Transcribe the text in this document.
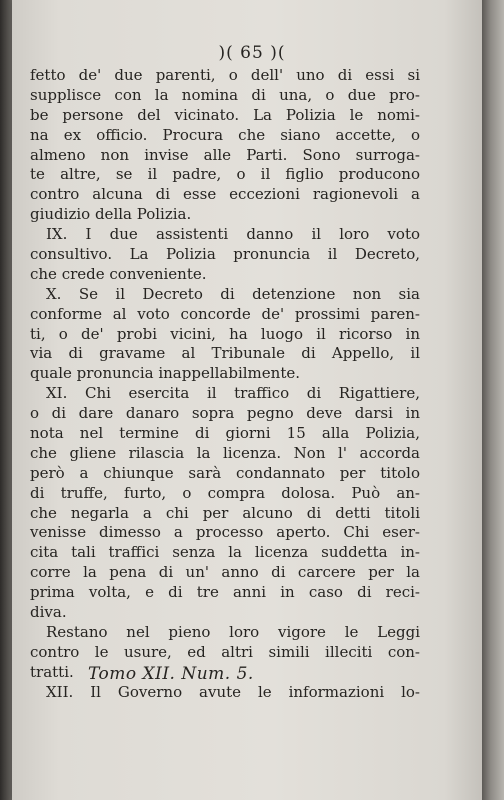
)( 65 )(
fetto de' due parenti, o dell' uno di essi si
supplisce con la nomina di una, o due pro-
be persone del vicinato. La Polizia le nomi-
na ex officio. Procura che siano accette, o
almeno non invise alle Parti. Sono surroga-
te altre, se il padre, o il figlio producono
contro alcuna di esse eccezioni ragionevoli a
giudizio della Polizia.
IX. I due assistenti danno il loro voto
consultivo. La Polizia pronuncia il Decreto,
che crede conveniente.
X. Se il Decreto di detenzione non sia
conforme al voto concorde de' prossimi paren-
ti, o de' probi vicini, ha luogo il ricorso in
via di gravame al Tribunale di Appello, il
quale pronuncia inappellabilmente.
XI. Chi esercita il traffico di Rigattiere,
o di dare danaro sopra pegno deve darsi in
nota nel termine di giorni 15 alla Polizia,
che gliene rilascia la licenza. Non l' accorda
però a chiunque sarà condannato per titolo
di truffe, furto, o compra dolosa. Può an-
che negarla a chi per alcuno di detti titoli
venisse dimesso a processo aperto. Chi eser-
cita tali traffici senza la licenza suddetta in-
corre la pena di un' anno di carcere per la
prima volta, e di tre anni in caso di reci-
diva.
Restano nel pieno loro vigore le Leggi
contro le usure, ed altri simili illeciti con-
tratti.
XII. Il Governo avute le informazioni lo-
Tomo XII. Num. 5.
